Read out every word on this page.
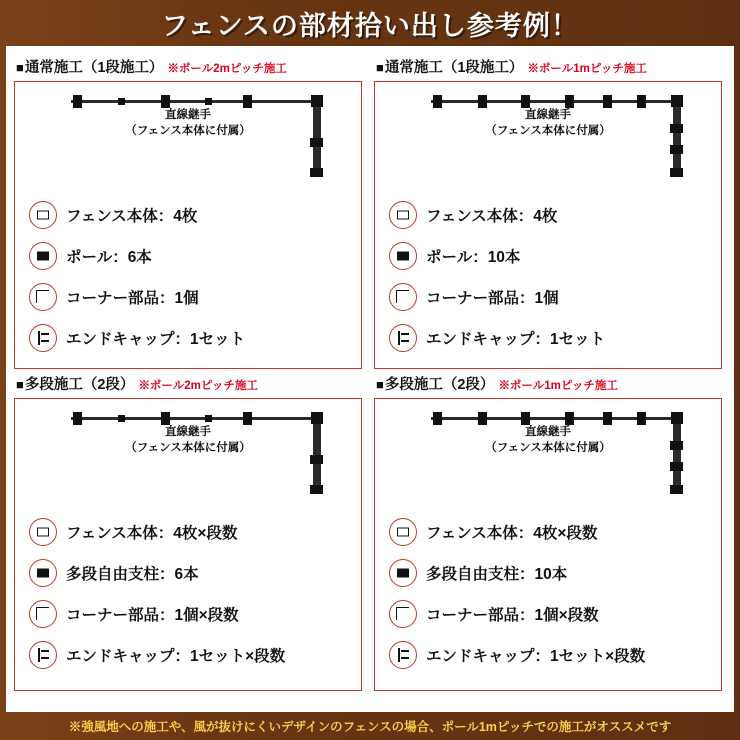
フェンスの部材拾い出し参考例！
■ 通常施工（1段施工） ※ポール2mピッチ施工
直線継手
（フェンス本体に付属）
フェンス本体：4枚
ポール：6本
コーナー部品：1個
エンドキャップ：1セット
■ 通常施工（1段施工） ※ポール1mピッチ施工
直線継手
（フェンス本体に付属）
フェンス本体：4枚
ポール：10本
コーナー部品：1個
エンドキャップ：1セット
■ 多段施工（2段） ※ポール2mピッチ施工
直線継手
（フェンス本体に付属）
フェンス本体：4枚×段数
多段自由支柱：6本
コーナー部品：1個×段数
エンドキャップ：1セット×段数
■ 多段施工（2段） ※ポール1mピッチ施工
直線継手
（フェンス本体に付属）
フェンス本体：4枚×段数
多段自由支柱：10本
コーナー部品：1個×段数
エンドキャップ：1セット×段数
※強風地への施工や、風が抜けにくいデザインのフェンスの場合、ポール1mピッチでの施工がオススメです
